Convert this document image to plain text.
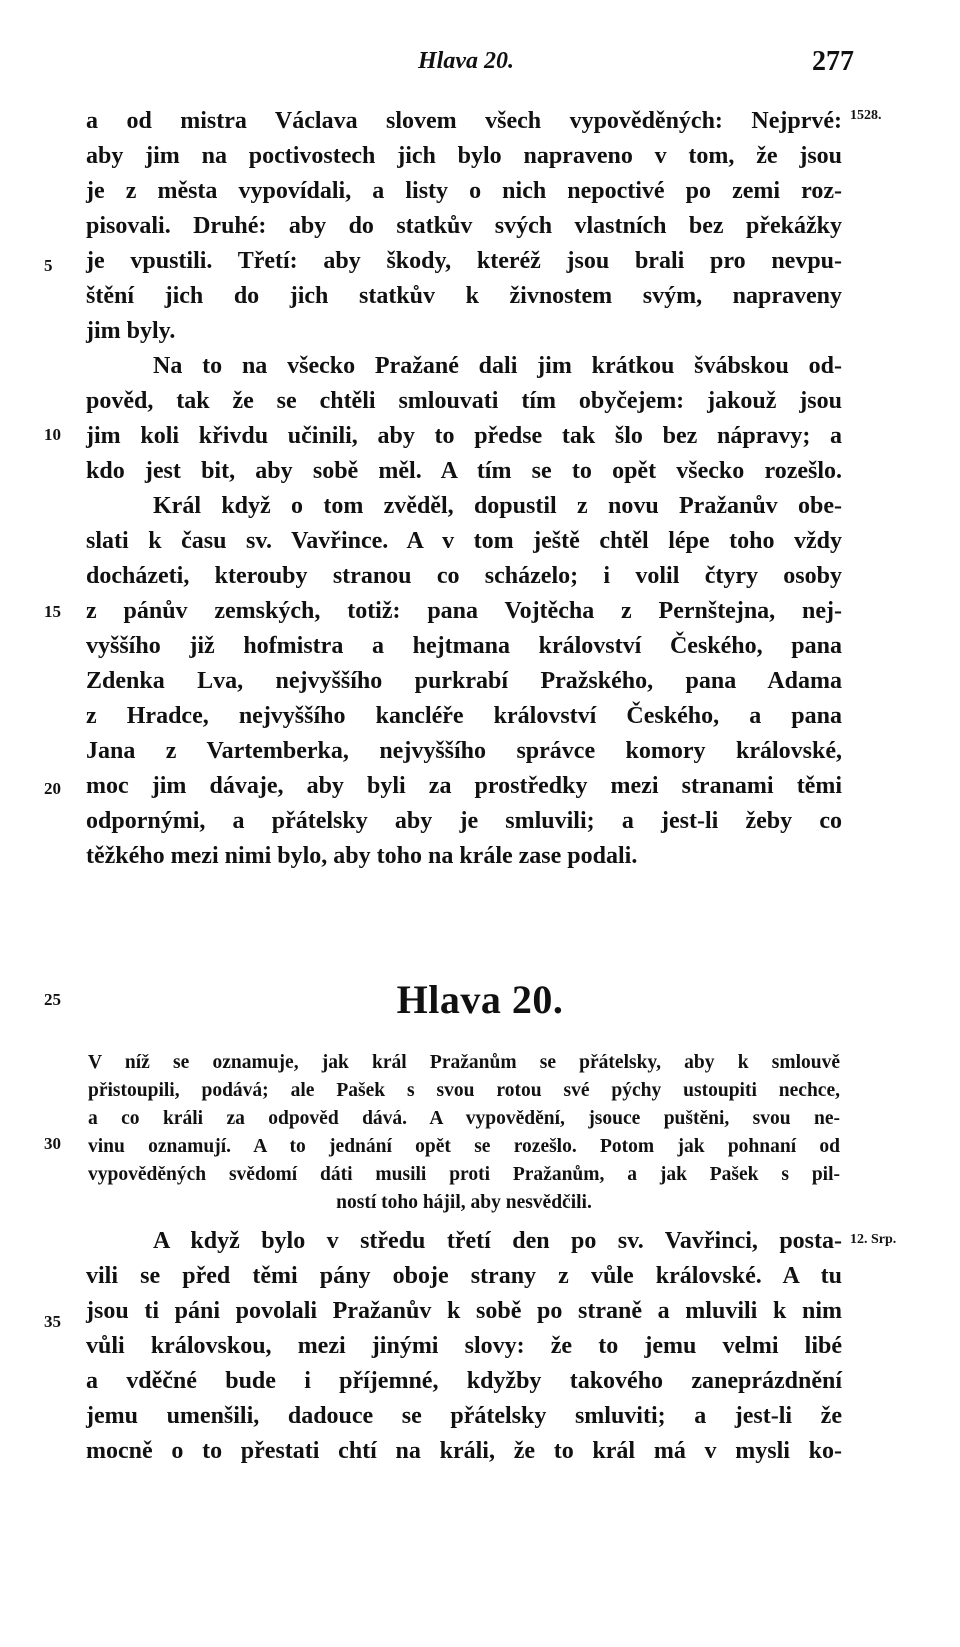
Hlava 20.	277
1528.
12. Srp.
5
10
15
20
25
30
35
a od mistra Václava slovem všech vypověděných: Nejprvé:
aby jim na poctivostech jich bylo napraveno v tom, že jsou
je z města vypovídali, a listy o nich nepoctivé po zemi roz-
pisovali. Druhé: aby do statkův svých vlastních bez překážky
je vpustili. Třetí: aby škody, kteréž jsou brali pro nevpu-
štění jich do jich statkův k živnostem svým, napraveny
jim byly.
Na to na všecko Pražané dali jim krátkou švábskou od-
pověd, tak že se chtěli smlouvati tím obyčejem: jakouž jsou
jim koli křivdu učinili, aby to předse tak šlo bez nápravy; a
kdo jest bit, aby sobě měl. A tím se to opět všecko rozešlo.
Král když o tom zvěděl, dopustil z novu Pražanův obe-
slati k času sv. Vavřince. A v tom ještě chtěl lépe toho vždy
docházeti, kterouby stranou co scházelo; i volil čtyry osoby
z pánův zemských, totiž: pana Vojtěcha z Pernštejna, nej-
vyššího již hofmistra a hejtmana království Českého, pana
Zdenka Lva, nejvyššího purkrabí Pražského, pana Adama
z Hradce, nejvyššího kancléře království Českého, a pana
Jana z Vartemberka, nejvyššího správce komory královské,
moc jim dávaje, aby byli za prostředky mezi stranami těmi
odpornými, a přátelsky aby je smluvili; a jest-li žeby co
těžkého mezi nimi bylo, aby toho na krále zase podali.
Hlava 20.
V níž se oznamuje, jak král Pražanům se přátelsky, aby k smlouvě
přistoupili, podává; ale Pašek s svou rotou své pýchy ustoupiti nechce,
a co králi za odpověd dává. A vypovědění, jsouce puštěni, svou ne-
vinu oznamují. A to jednání opět se rozešlo. Potom jak pohnaní od
vypověděných svědomí dáti musili proti Pražanům, a jak Pašek s pil-
ností toho hájil, aby nesvědčili.
A když bylo v středu třetí den po sv. Vavřinci, posta-
vili se před těmi pány oboje strany z vůle královské. A tu
jsou ti páni povolali Pražanův k sobě po straně a mluvili k nim
vůli královskou, mezi jinými slovy: že to jemu velmi libé
a vděčné bude i příjemné, kdyžby takového zaneprázdnění
jemu umenšili, dadouce se přátelsky smluviti; a jest-li že
mocně o to přestati chtí na králi, že to král má v mysli ko-
